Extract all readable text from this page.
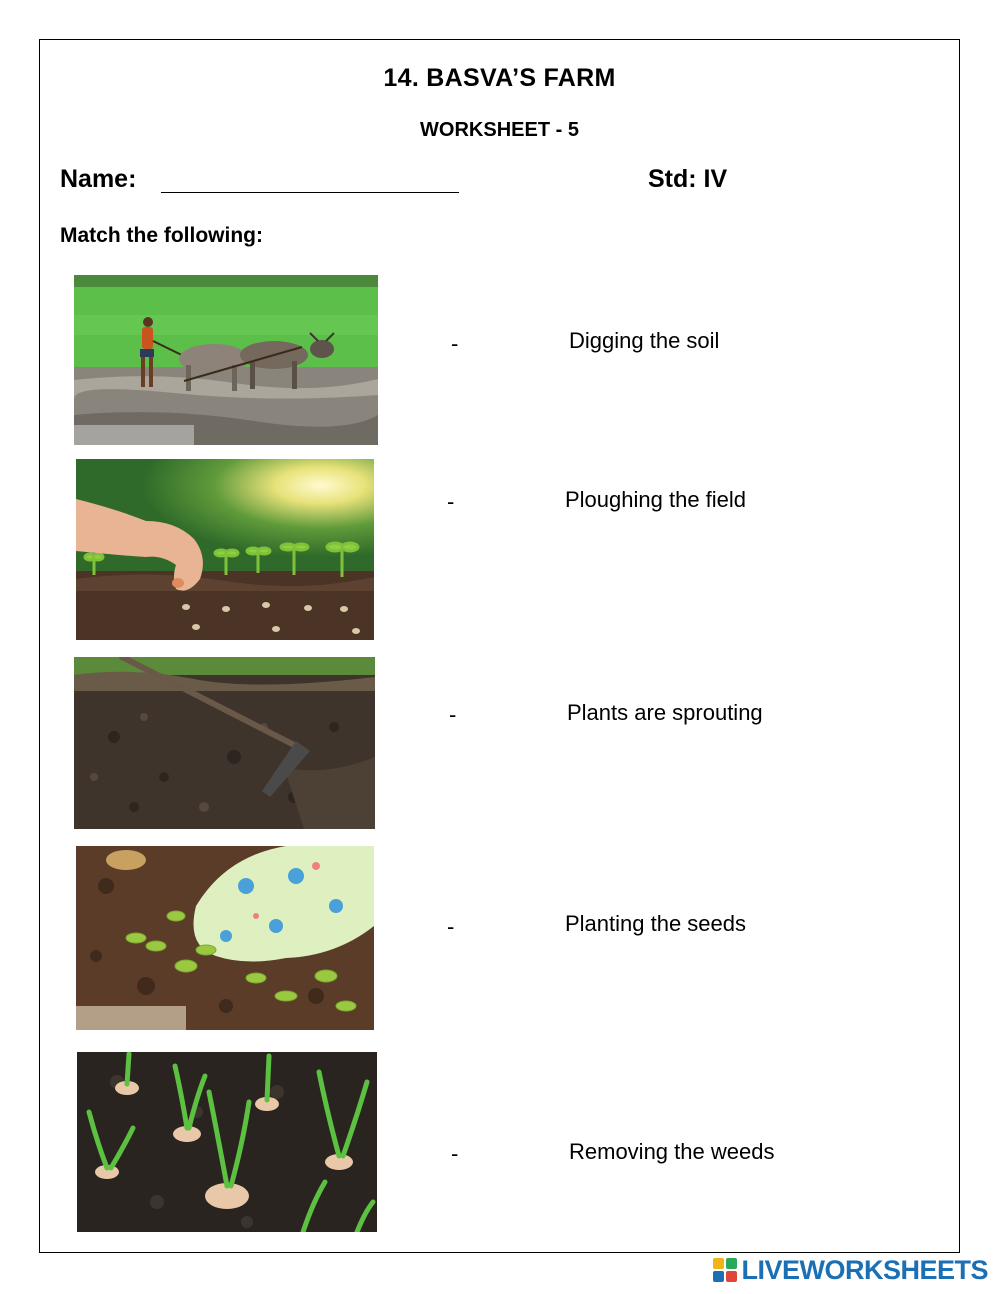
14. BASVA’S FARM
WORKSHEET - 5
Name:	Std: IV
Match the following:
-
-
-
-
-
Digging the soil
Ploughing the field
Plants are sprouting
Planting the seeds
Removing the weeds
LIVEWORKSHEETS
